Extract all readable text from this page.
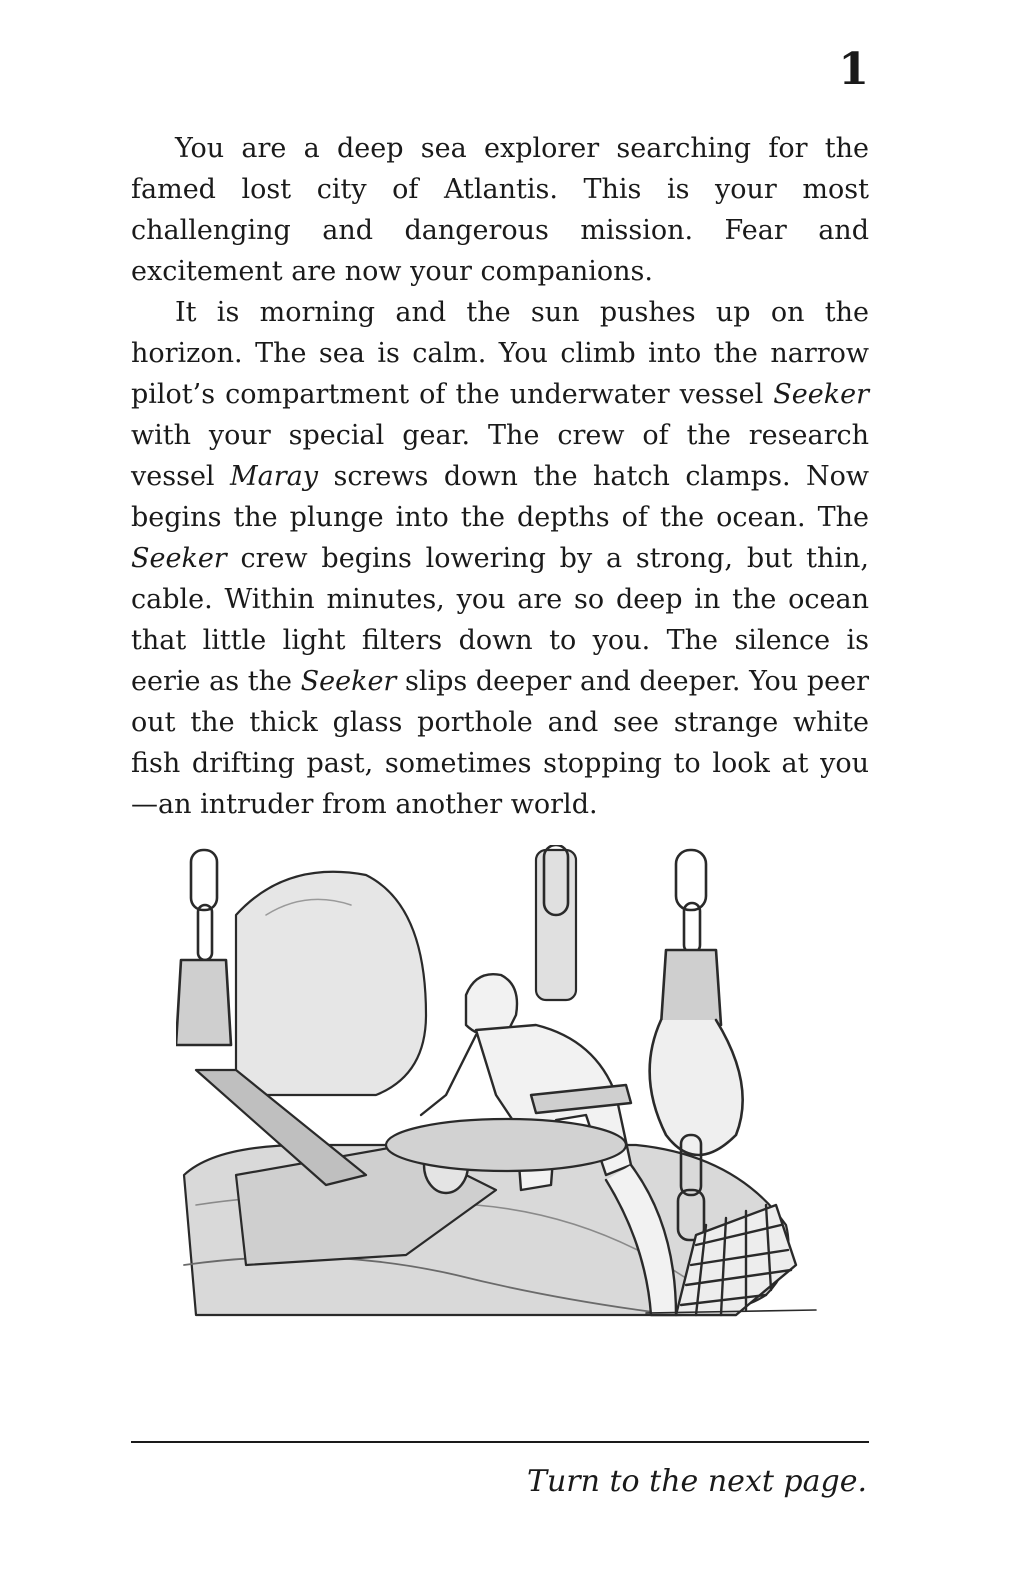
1

You are a deep sea explorer searching for the famed lost city of Atlantis. This is your most challenging and dangerous mission. Fear and excitement are now your companions.

It is morning and the sun pushes up on the horizon. The sea is calm. You climb into the narrow pilot’s compartment of the underwater vessel Seeker with your special gear. The crew of the research vessel Maray screws down the hatch clamps. Now begins the plunge into the depths of the ocean. The Seeker crew begins lowering by a strong, but thin, cable. Within minutes, you are so deep in the ocean that little light filters down to you. The silence is eerie as the Seeker slips deeper and deeper. You peer out the thick glass porthole and see strange white fish drifting past, sometimes stopping to look at you—an intruder from another world.

Turn to the next page.
